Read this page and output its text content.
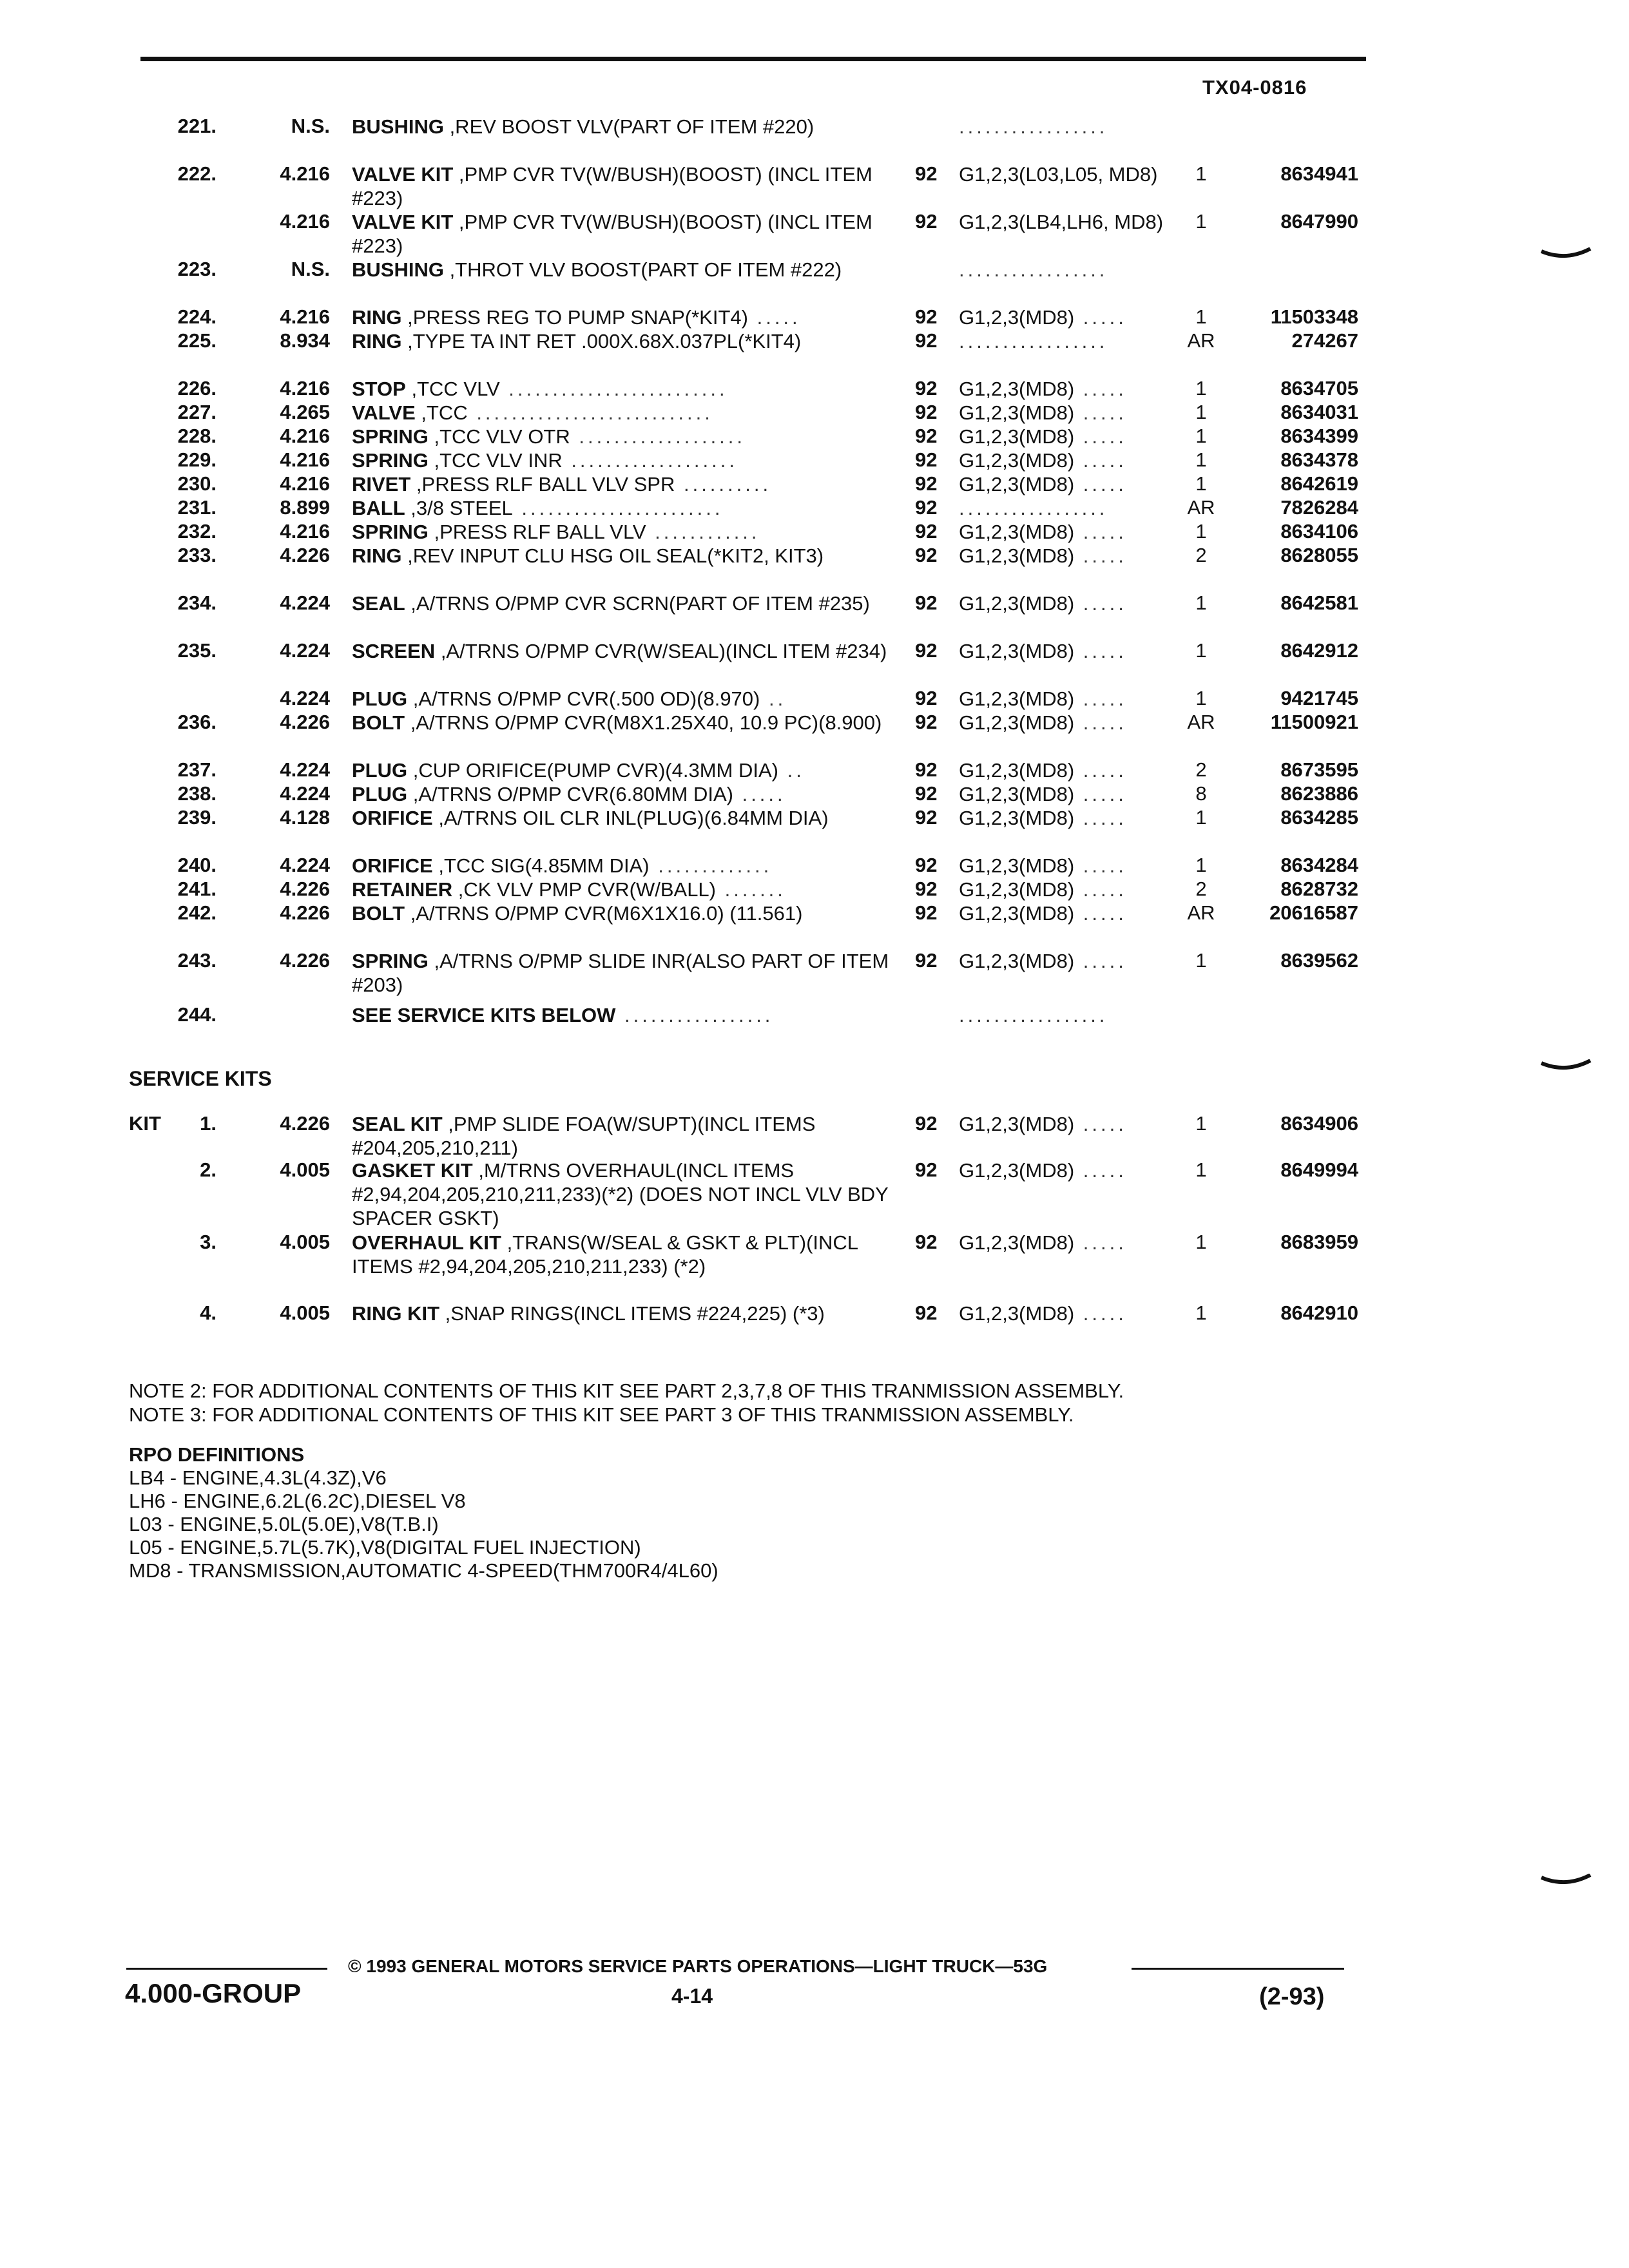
TX04-0816
221.	N.S. BUSHING ,REV BOOST VLV(PART OF ITEM #220)	.................
222.	4.216 VALVE KIT ,PMP CVR TV(W/BUSH)(BOOST) (INCL ITEM #223)
92 G1,2,3(L03,L05, MD8)	1	8634941
4.216 VALVE KIT ,PMP CVR TV(W/BUSH)(BOOST) (INCL ITEM #223)
92 G1,2,3(LB4,LH6, MD8)	1	8647990
223.	N.S. BUSHING ,THROT VLV BOOST(PART OF ITEM #222)	.................
224.	4.216 RING ,PRESS REG TO PUMP SNAP(*KIT4) .....	92 G1,2,3(MD8) .....	1	11503348
225.	8.934 RING ,TYPE TA INT RET .000X.68X.037PL(*KIT4)	92 .................	AR	274267
226.	4.216 STOP ,TCC VLV .........................	92 G1,2,3(MD8) .....	1	8634705
227.	4.265 VALVE ,TCC ...........................	92 G1,2,3(MD8) .....	1	8634031
228.	4.216 SPRING ,TCC VLV OTR ...................	92 G1,2,3(MD8) .....	1	8634399
229.	4.216 SPRING ,TCC VLV INR ...................	92 G1,2,3(MD8) .....	1	8634378
230.	4.216 RIVET ,PRESS RLF BALL VLV SPR ..........	92 G1,2,3(MD8) .....	1	8642619
231.	8.899 BALL ,3/8 STEEL .......................	92 .................	AR	7826284
232.	4.216 SPRING ,PRESS RLF BALL VLV ............	92 G1,2,3(MD8) .....	1	8634106
233.	4.226 RING ,REV INPUT CLU HSG OIL SEAL(*KIT2, KIT3)	92 G1,2,3(MD8) .....	2	8628055
234.	4.224 SEAL ,A/TRNS O/PMP CVR SCRN(PART OF ITEM #235)	92 G1,2,3(MD8) .....	1	8642581
235.	4.224 SCREEN ,A/TRNS O/PMP CVR(W/SEAL)(INCL ITEM #234)	92 G1,2,3(MD8) .....	1	8642912
4.224 PLUG ,A/TRNS O/PMP CVR(.500 OD)(8.970) ..	92 G1,2,3(MD8) .....	1	9421745
236.	4.226 BOLT ,A/TRNS O/PMP CVR(M8X1.25X40, 10.9 PC)(8.900)	92 G1,2,3(MD8) .....	AR	11500921
237.	4.224 PLUG ,CUP ORIFICE(PUMP CVR)(4.3MM DIA) ..	92 G1,2,3(MD8) .....	2	8673595
238.	4.224 PLUG ,A/TRNS O/PMP CVR(6.80MM DIA) .....	92 G1,2,3(MD8) .....	8	8623886
239.	4.128 ORIFICE ,A/TRNS OIL CLR INL(PLUG)(6.84MM DIA)	92 G1,2,3(MD8) .....	1	8634285
240.	4.224 ORIFICE ,TCC SIG(4.85MM DIA) .............	92 G1,2,3(MD8) .....	1	8634284
241.	4.226 RETAINER ,CK VLV PMP CVR(W/BALL) .......	92 G1,2,3(MD8) .....	2	8628732
242.	4.226 BOLT ,A/TRNS O/PMP CVR(M6X1X16.0) (11.561)	92 G1,2,3(MD8) .....	AR	20616587
243.	4.226 SPRING ,A/TRNS O/PMP SLIDE INR(ALSO PART OF ITEM #203)
92 G1,2,3(MD8) .....	1	8639562
244.	SEE SERVICE KITS BELOW .................	.................
SERVICE KITS
KIT 1.	4.226 SEAL KIT ,PMP SLIDE FOA(W/SUPT)(INCL ITEMS #204,205,210,211)
92 G1,2,3(MD8) .....	1	8634906
2.	4.005 GASKET KIT ,M/TRNS OVERHAUL(INCL ITEMS #2,94,204,205,210,211,233)(*2) (DOES NOT INCL VLV BDY SPACER GSKT)
92 G1,2,3(MD8) .....	1	8649994
3.	4.005 OVERHAUL KIT ,TRANS(W/SEAL & GSKT & PLT)(INCL ITEMS #2,94,204,205,210,211,233) (*2)
92 G1,2,3(MD8) .....	1	8683959
4.	4.005 RING KIT ,SNAP RINGS(INCL ITEMS #224,225) (*3)	92 G1,2,3(MD8) .....	1	8642910
NOTE 2: FOR ADDITIONAL CONTENTS OF THIS KIT SEE PART 2,3,7,8 OF THIS TRANMISSION ASSEMBLY.
NOTE 3: FOR ADDITIONAL CONTENTS OF THIS KIT SEE PART 3 OF THIS TRANMISSION ASSEMBLY.
RPO DEFINITIONS
LB4 - ENGINE,4.3L(4.3Z),V6
LH6 - ENGINE,6.2L(6.2C),DIESEL V8
L03 - ENGINE,5.0L(5.0E),V8(T.B.I)
L05 - ENGINE,5.7L(5.7K),V8(DIGITAL FUEL INJECTION)
MD8 - TRANSMISSION,AUTOMATIC 4-SPEED(THM700R4/4L60)
© 1993 GENERAL MOTORS SERVICE PARTS OPERATIONS—LIGHT TRUCK—53G
4.000-GROUP	4-14	(2-93)
